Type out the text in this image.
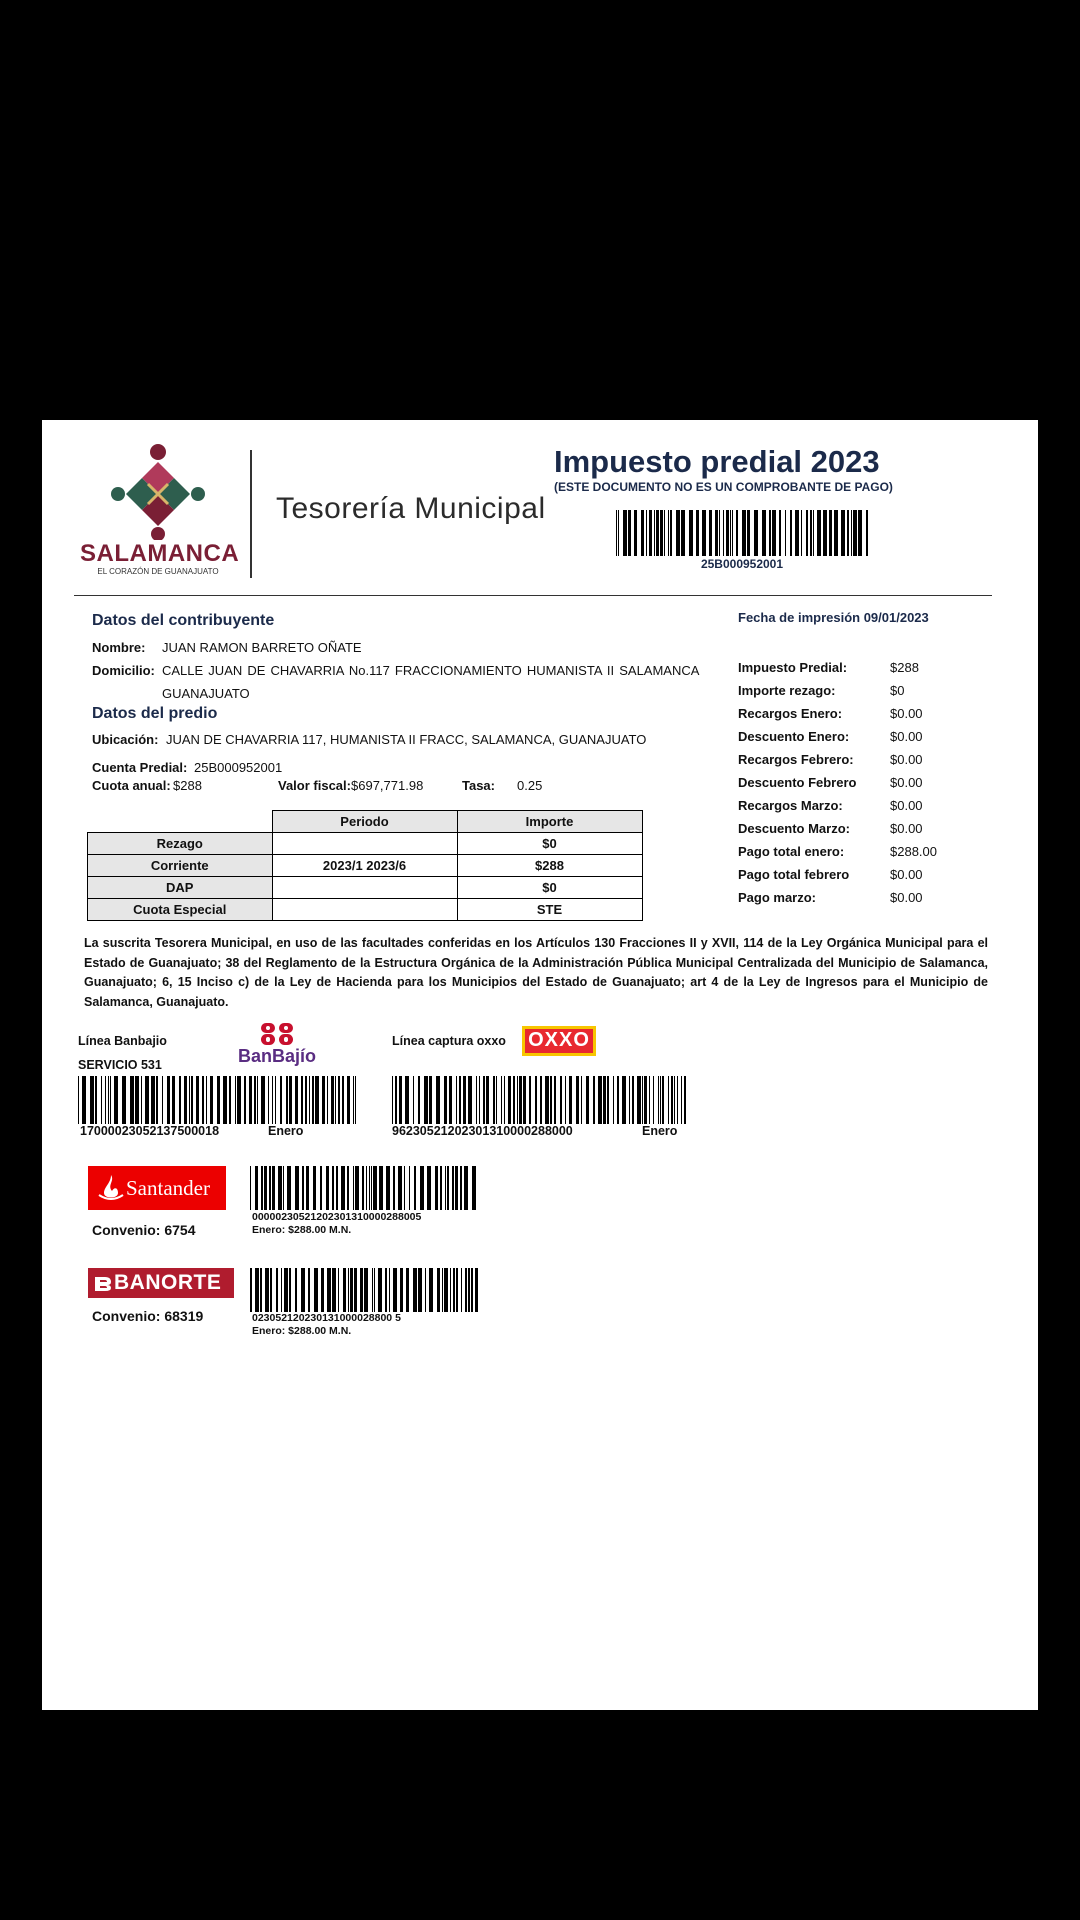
SALAMANCA
EL CORAZÓN DE GUANAJUATO
Tesorería Municipal
Impuesto predial 2023
(ESTE DOCUMENTO NO ES UN COMPROBANTE DE PAGO)
25B000952001
Datos del contribuyente
Nombre: JUAN RAMON BARRETO OÑATE
Domicilio: CALLE JUAN DE CHAVARRIA No.117 FRACCIONAMIENTO HUMANISTA II SALAMANCA
GUANAJUATO
Datos del predio
Ubicación: JUAN DE CHAVARRIA 117, HUMANISTA II FRACC, SALAMANCA, GUANAJUATO
Cuenta Predial: 25B000952001
Cuota anual: $288	Valor fiscal: $697,771.98	Tasa: 0.25
	Periodo	Importe
Rezago		$0
Corriente	2023/1 2023/6	$288
DAP		$0
Cuota Especial		STE
Fecha de impresión 09/01/2023
Impuesto Predial:	$288
Importe rezago:	$0
Recargos Enero:	$0.00
Descuento Enero:	$0.00
Recargos Febrero:	$0.00
Descuento Febrero	$0.00
Recargos Marzo:	$0.00
Descuento Marzo:	$0.00
Pago total enero:	$288.00
Pago total febrero	$0.00
Pago marzo:	$0.00
La suscrita Tesorera Municipal, en uso de las facultades conferidas en los Artículos 130 Fracciones II y XVII, 114 de la Ley Orgánica Municipal para el Estado de Guanajuato; 38 del Reglamento de la Estructura Orgánica de la Administración Pública Municipal Centralizada del Municipio de Salamanca, Guanajuato; 6, 15 Inciso c) de la Ley de Hacienda para los Municipios del Estado de Guanajuato; art 4 de la Ley de Ingresos para el Municipio de Salamanca, Guanajuato.
Línea Banbajio
SERVICIO 531	BanBajío
17000023052137500018	Enero
Línea captura oxxo	OXXO
96230521202301310000288000	Enero
Santander
Convenio: 6754
00000230521202301310000288005
Enero: $288.00 M.N.
BANORTE
Convenio: 68319	023052120230131000028800 5
Enero: $288.00 M.N.
